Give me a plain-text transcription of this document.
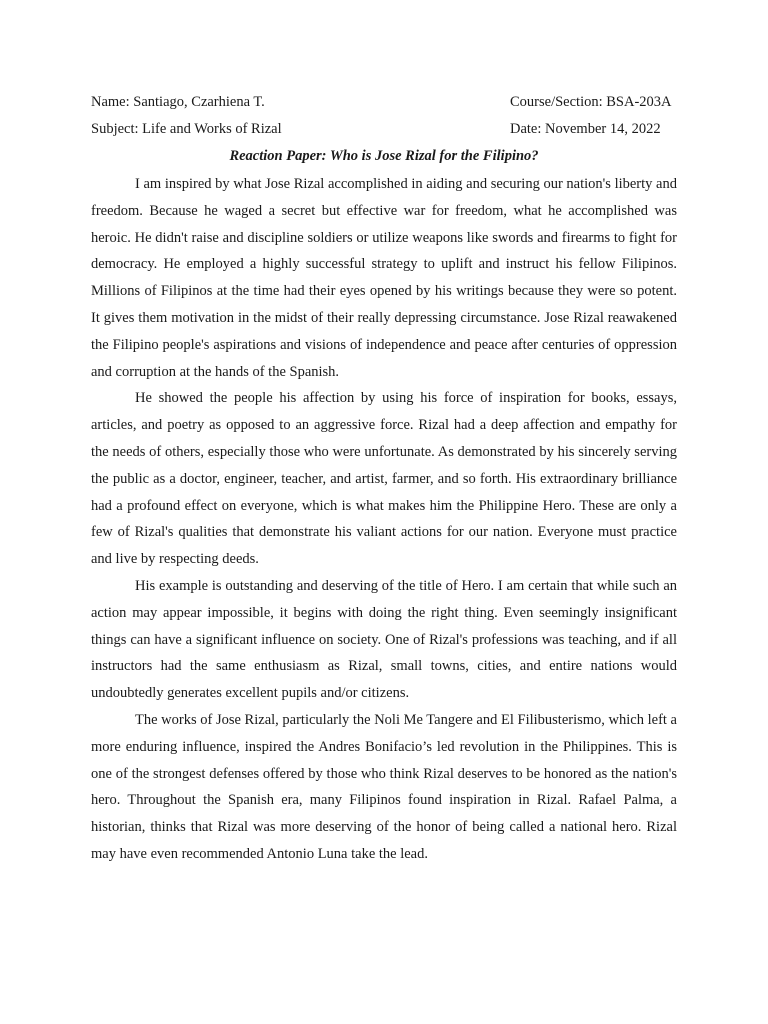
Name: Santiago, Czarhiena T.	Course/Section: BSA-203A
Subject: Life and Works of Rizal	Date: November 14, 2022
Reaction Paper: Who is Jose Rizal for the Filipino?

I am inspired by what Jose Rizal accomplished in aiding and securing our nation's liberty and freedom. Because he waged a secret but effective war for freedom, what he accomplished was heroic. He didn't raise and discipline soldiers or utilize weapons like swords and firearms to fight for democracy. He employed a highly successful strategy to uplift and instruct his fellow Filipinos. Millions of Filipinos at the time had their eyes opened by his writings because they were so potent. It gives them motivation in the midst of their really depressing circumstance. Jose Rizal reawakened the Filipino people's aspirations and visions of independence and peace after centuries of oppression and corruption at the hands of the Spanish.

He showed the people his affection by using his force of inspiration for books, essays, articles, and poetry as opposed to an aggressive force. Rizal had a deep affection and empathy for the needs of others, especially those who were unfortunate. As demonstrated by his sincerely serving the public as a doctor, engineer, teacher, and artist, farmer, and so forth. His extraordinary brilliance had a profound effect on everyone, which is what makes him the Philippine Hero. These are only a few of Rizal's qualities that demonstrate his valiant actions for our nation. Everyone must practice and live by respecting deeds.

His example is outstanding and deserving of the title of Hero. I am certain that while such an action may appear impossible, it begins with doing the right thing. Even seemingly insignificant things can have a significant influence on society. One of Rizal's professions was teaching, and if all instructors had the same enthusiasm as Rizal, small towns, cities, and entire nations would undoubtedly generates excellent pupils and/or citizens.

The works of Jose Rizal, particularly the Noli Me Tangere and El Filibusterismo, which left a more enduring influence, inspired the Andres Bonifacio’s led revolution in the Philippines. This is one of the strongest defenses offered by those who think Rizal deserves to be honored as the nation's hero. Throughout the Spanish era, many Filipinos found inspiration in Rizal. Rafael Palma, a historian, thinks that Rizal was more deserving of the honor of being called a national hero. Rizal may have even recommended Antonio Luna take the lead.
